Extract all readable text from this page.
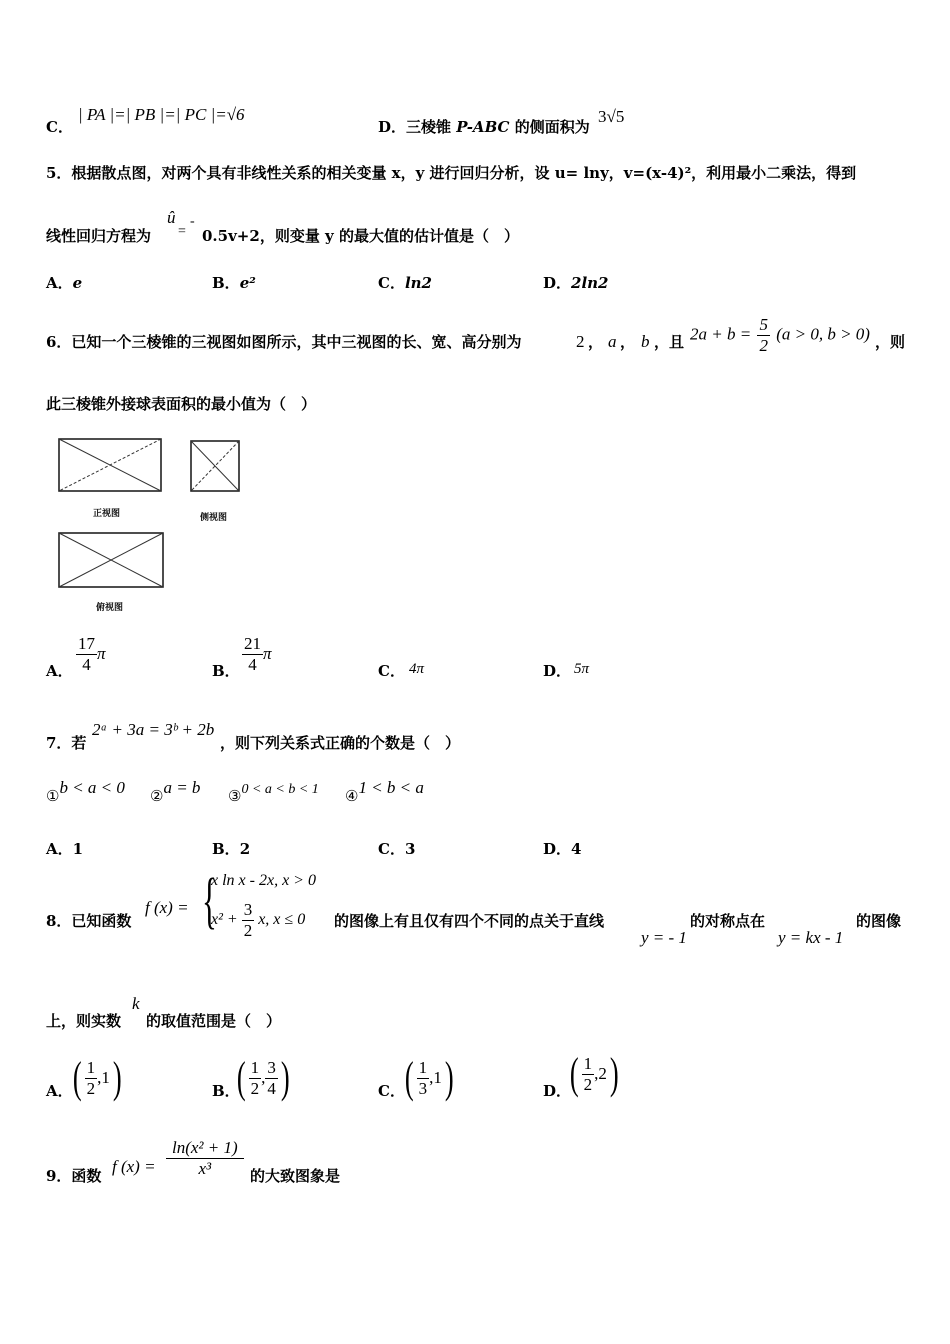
C．
| PA |=| PB |=| PC |=√6
D．三棱锥 P-ABC 的侧面积为
3√5
5．根据散点图，对两个具有非线性关系的相关变量 x，y 进行回归分析，设 u= lny，v=(x-4)²，利用最小二乘法，得到
线性回归方程为
û
=
-
0.5v+2，则变量 y 的最大值的估计值是（　）
A．e	B．e²	C．ln2	D．2ln2
6．已知一个三棱锥的三视图如图所示，其中三视图的长、宽、高分别为	2 ， a ， b ，且 $2a + b = \frac{5}{2} (a > 0$, b > 0) ，则
此三棱锥外接球表面积的最小值为（　）
正视图	侧视图
俯视图
A． $\frac{17}{4}$ π
B． $\frac{21}{4}$ π
C． 4π	D． 5π
7．若
2ᵃ + 3a = 3ᵇ + 2b
，则下列关系式正确的个数是（　）
①b < a < 0 ②a = b ③0 < a < b < 1 ④1 < b < a
A．1	B．2	C．3	D．4
8．已知函数
f (x) = {
x ln x - 2x, x > 0
$x^2 + \frac{3}{2} x$, x ≤ 0 的图像上有且仅有四个不同的点关于直线
y = - 1
的对称点在
y = kx - 1
的图像
上，则实数
k
的取值范围是（　）
A． ( $\frac{1}{2} ,1$)	B．
( $\frac{1}{2}$ , $\frac{3}{4}$ )	C． ( $\frac{1}{3} ,1$)	D．
( $\frac{1}{2} ,2$)
9．函数 f $(x) = \frac{\text{ln(x² + 1)}}{\text{x³}}$ 的大致图象是
